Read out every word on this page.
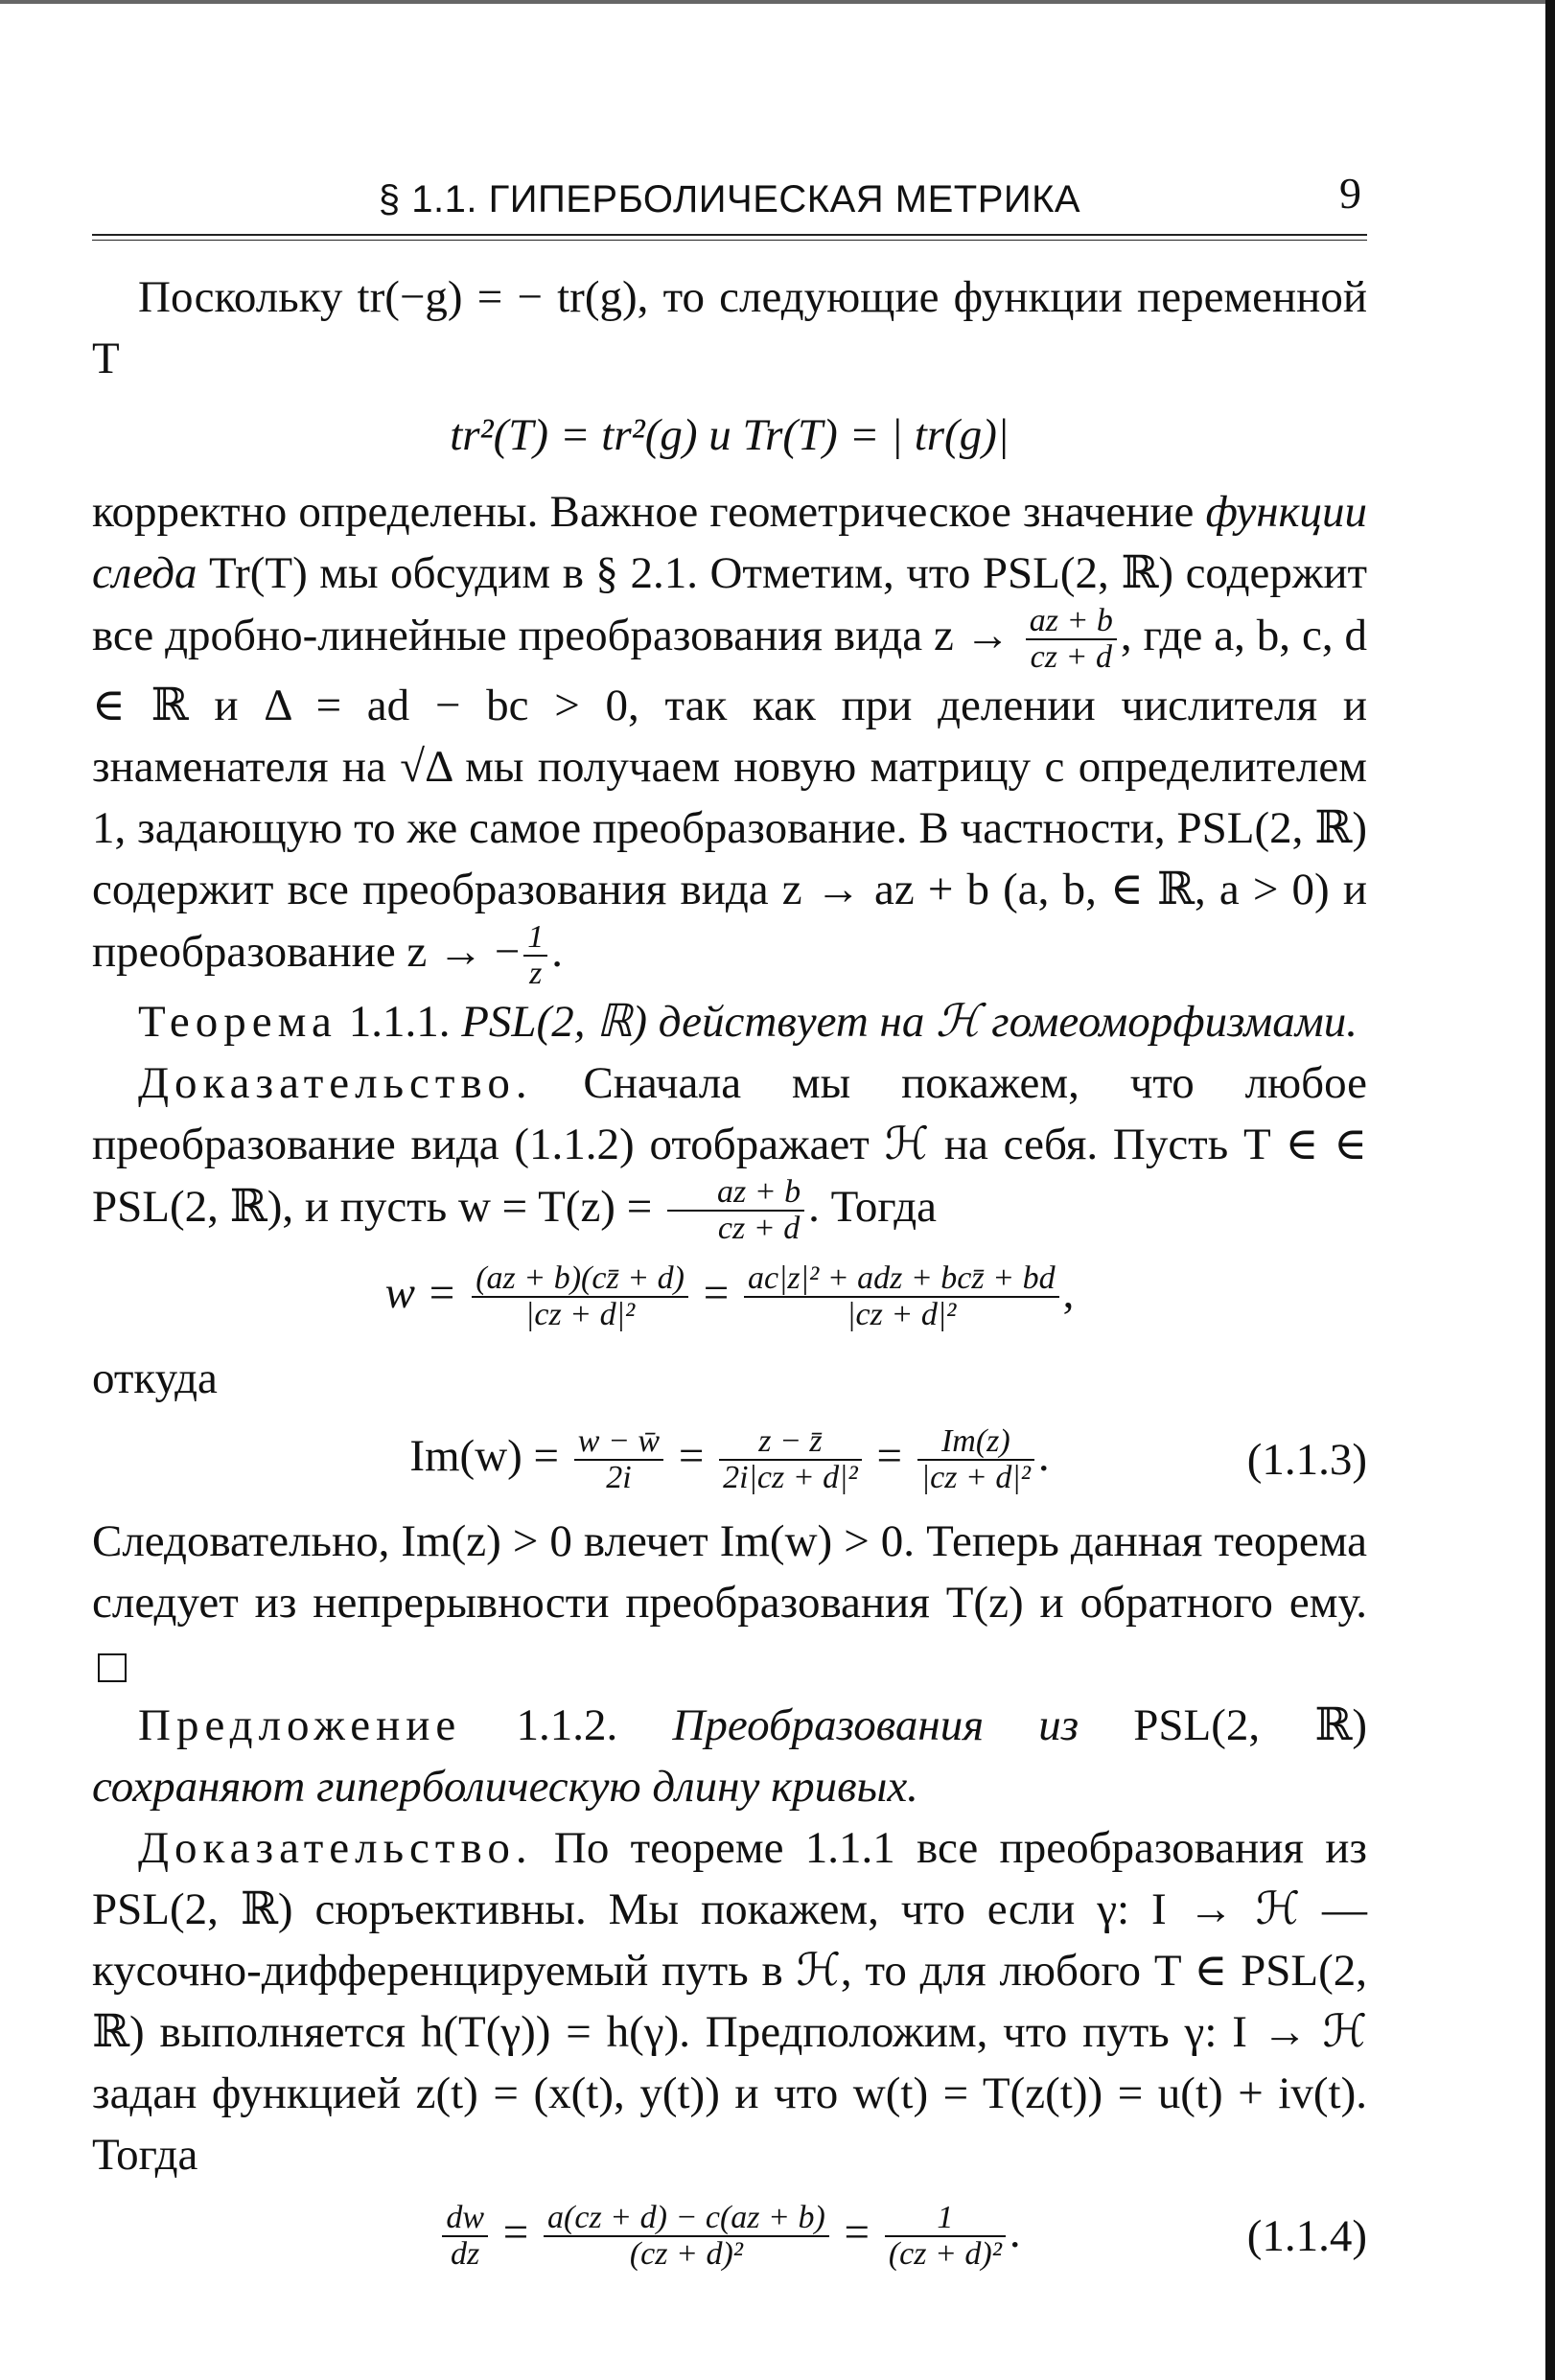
§ 1.1. ГИПЕРБОЛИЧЕСКАЯ МЕТРИКА	9

Поскольку tr(−g) = − tr(g), то следующие функции переменной T

tr²(T) = tr²(g) и Tr(T) = | tr(g)|

корректно определены. Важное геометрическое значение функции следа Tr(T) мы обсудим в § 2.1. Отметим, что PSL(2, ℝ) содержит все дробно-линейные преобразования вида $z \to \frac{az + b}{cz + d}$ , где a, b, c, d ∈ ℝ и Δ = ad − bc > 0, так как при делении числителя и знаменателя на √Δ мы получаем новую матрицу с определителем 1, задающую то же самое преобразование. В частности, PSL(2, ℝ) содержит все преобразования вида z → az + b (a, b, ∈ ℝ, a > 0) и преобразование z → − $\frac{1}{z}$ .

Теорема 1.1.1. PSL(2, ℝ) действует на ℋ гомеоморфизмами.

Доказательство. Сначала мы покажем, что любое преобразование вида (1.1.2) отображает ℋ на себя. Пусть T ∈ ∈ PSL(2, ℝ), и пусть $w = T(z) = \frac{az + b}{cz + d}$ . Тогда

$w = \frac{(az + b)(cz̄ + d)}{\text{|cz + d|²}} = \frac{\text{ac|z|² + adz + bcz̄ + bd}}{\text{|cz + d|²}}$ ,

откуда

$Im(w) = \frac{w - w̄}{2i} = \frac{z - z̄}{\text{2i|cz + d|²}} = \frac{Im(z)}{\text{|cz + d|²}}$ .	(1.1.3)

Следовательно, Im(z) > 0 влечет Im(w) > 0. Теперь данная теорема следует из непрерывности преобразования T(z) и обратного ему.

Предложение 1.1.2. Преобразования из PSL(2, ℝ) сохраняют гиперболическую длину кривых.

Доказательство. По теореме 1.1.1 все преобразования из PSL(2, ℝ) сюръективны. Мы покажем, что если γ: I → ℋ — кусочно-дифференцируемый путь в ℋ, то для любого T ∈ PSL(2, ℝ) выполняется h(T(γ)) = h(γ). Предположим, что путь γ: I → ℋ задан функцией z(t) = (x(t), y(t)) и что w(t) = T(z(t)) = u(t) + iv(t). Тогда

$\frac{dw}{dz} = \frac{a(cz + d) - c(az + b)}{\text{(cz + d)²}} = \frac{1}{\text{(cz + d)²}}$ .	(1.1.4)
